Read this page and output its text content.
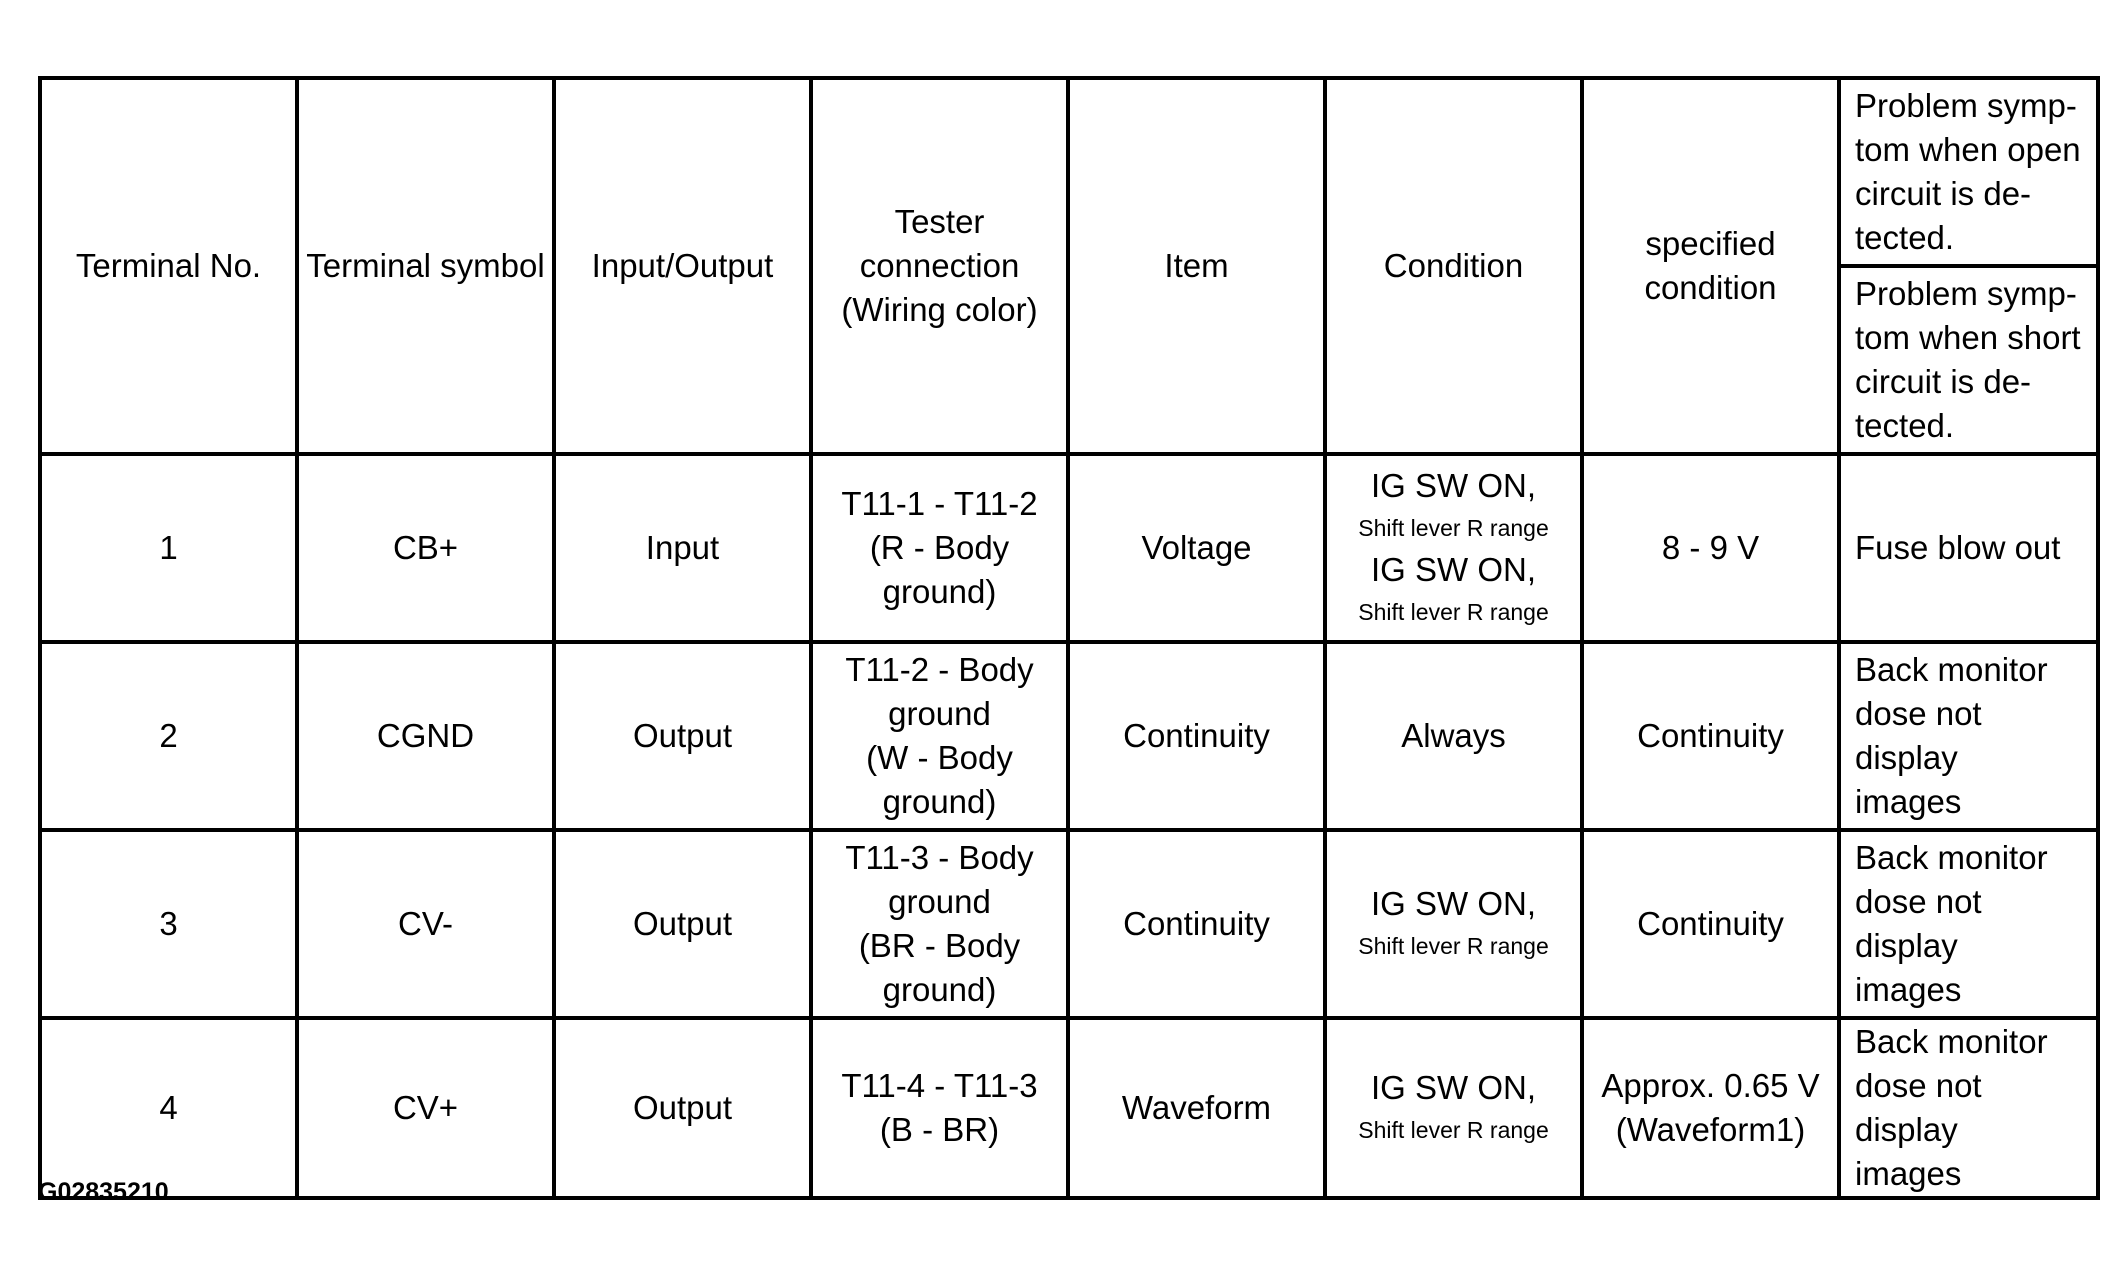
Terminal No.	Terminal symbol	Input/Output	Tester
connection
(Wiring color)	Item	Condition	specified
condition	Problem symp-
tom when open
circuit is de-
tected.

							Problem symp-
tom when short
circuit is de-
tected.

1	CB+	Input	T11-1 - T11-2
(R - Body
ground)	Voltage	IG SW ON,
Shift lever R range
IG SW ON,
Shift lever R range	8 - 9 V	Fuse blow out

2	CGND	Output	T11-2 - Body
ground
(W - Body
ground)	Continuity	Always	Continuity	Back monitor
dose not display
images

3	CV-	Output	T11-3 - Body
ground
(BR - Body
ground)	Continuity	IG SW ON,
Shift lever R range	Continuity	Back monitor
dose not display
images

4	CV+	Output	T11-4 - T11-3
(B - BR)	Waveform	IG SW ON,
Shift lever R range	Approx. 0.65 V
(Waveform1)	Back monitor
dose not display
images
G02835210
